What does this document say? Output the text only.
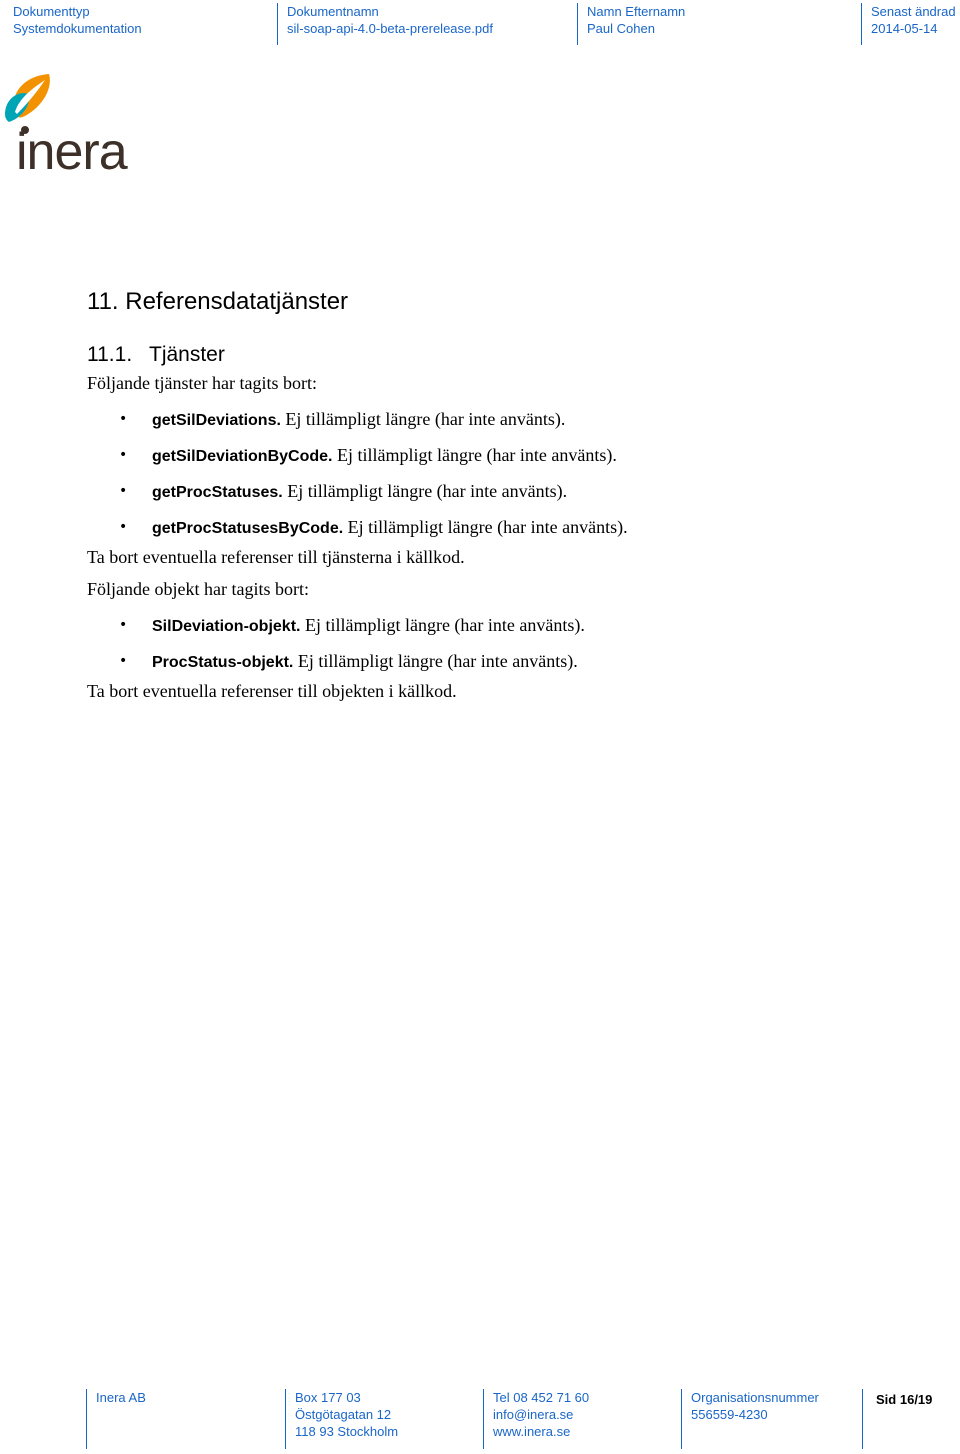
Dokumenttyp
Systemdokumentation
Dokumentnamn
sil-soap-api-4.0-beta-prerelease.pdf
Namn Efternamn
Paul Cohen
Senast ändrad
2014-05-14
inera
11. Referensdatatjänster
11.1. Tjänster

Följande tjänster har tagits bort:

• getSilDeviations. Ej tillämpligt längre (har inte använts).
• getSilDeviationByCode. Ej tillämpligt längre (har inte använts).
• getProcStatuses. Ej tillämpligt längre (har inte använts).
• getProcStatusesByCode. Ej tillämpligt längre (har inte använts).

Ta bort eventuella referenser till tjänsterna i källkod.

Följande objekt har tagits bort:

• SilDeviation-objekt. Ej tillämpligt längre (har inte använts).
• ProcStatus-objekt. Ej tillämpligt längre (har inte använts).

Ta bort eventuella referenser till objekten i källkod.

Inera AB	Box 177 03
Östgötagatan 12
118 93 Stockholm
Tel 08 452 71 60
info@inera.se
www.inera.se
Organisationsnummer
556559-4230
Sid 16/19
